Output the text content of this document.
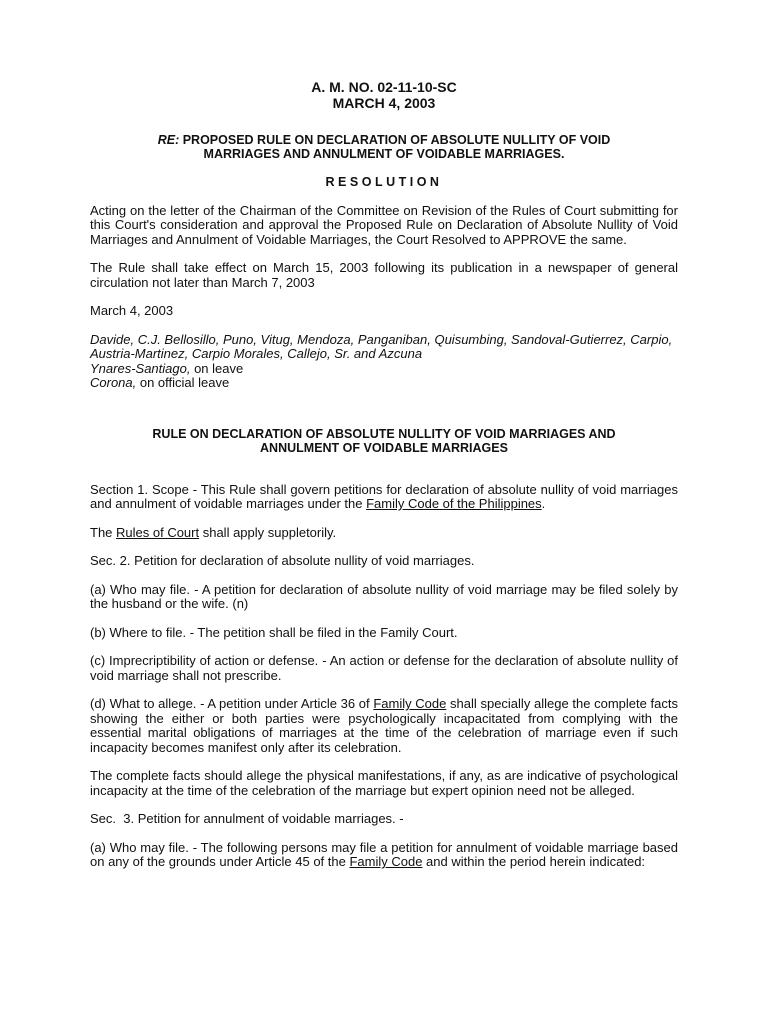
A. M. NO. 02-11-10-SC
MARCH 4, 2003
RE: PROPOSED RULE ON DECLARATION OF ABSOLUTE NULLITY OF VOID
MARRIAGES AND ANNULMENT OF VOIDABLE MARRIAGES.
RESOLUTION

Acting on the letter of the Chairman of the Committee on Revision of the Rules of Court submitting for this Court's consideration and approval the Proposed Rule on Declaration of Absolute Nullity of Void Marriages and Annulment of Voidable Marriages, the Court Resolved to APPROVE the same.

The Rule shall take effect on March 15, 2003 following its publication in a newspaper of general circulation not later than March 7, 2003

March 4, 2003

Davide, C.J. Bellosillo, Puno, Vitug, Mendoza, Panganiban, Quisumbing, Sandoval-Gutierrez, Carpio, Austria-Martinez, Carpio Morales, Callejo, Sr. and Azcuna
Ynares-Santiago, on leave
Corona, on official leave
RULE ON DECLARATION OF ABSOLUTE NULLITY OF VOID MARRIAGES AND
ANNULMENT OF VOIDABLE MARRIAGES

Section 1. Scope - This Rule shall govern petitions for declaration of absolute nullity of void marriages and annulment of voidable marriages under the Family Code of the Philippines.

The Rules of Court shall apply suppletorily.

Sec. 2. Petition for declaration of absolute nullity of void marriages.

(a) Who may file. - A petition for declaration of absolute nullity of void marriage may be filed solely by the husband or the wife. (n)

(b) Where to file. - The petition shall be filed in the Family Court.

(c) Imprecriptibility of action or defense. - An action or defense for the declaration of absolute nullity of void marriage shall not prescribe.

(d) What to allege. - A petition under Article 36 of Family Code shall specially allege the complete facts showing the either or both parties were psychologically incapacitated from complying with the essential marital obligations of marriages at the time of the celebration of marriage even if such incapacity becomes manifest only after its celebration.

The complete facts should allege the physical manifestations, if any, as are indicative of psychological incapacity at the time of the celebration of the marriage but expert opinion need not be alleged.

Sec.  3. Petition for annulment of voidable marriages. -

(a) Who may file. - The following persons may file a petition for annulment of voidable marriage based on any of the grounds under Article 45 of the Family Code and within the period herein indicated:
